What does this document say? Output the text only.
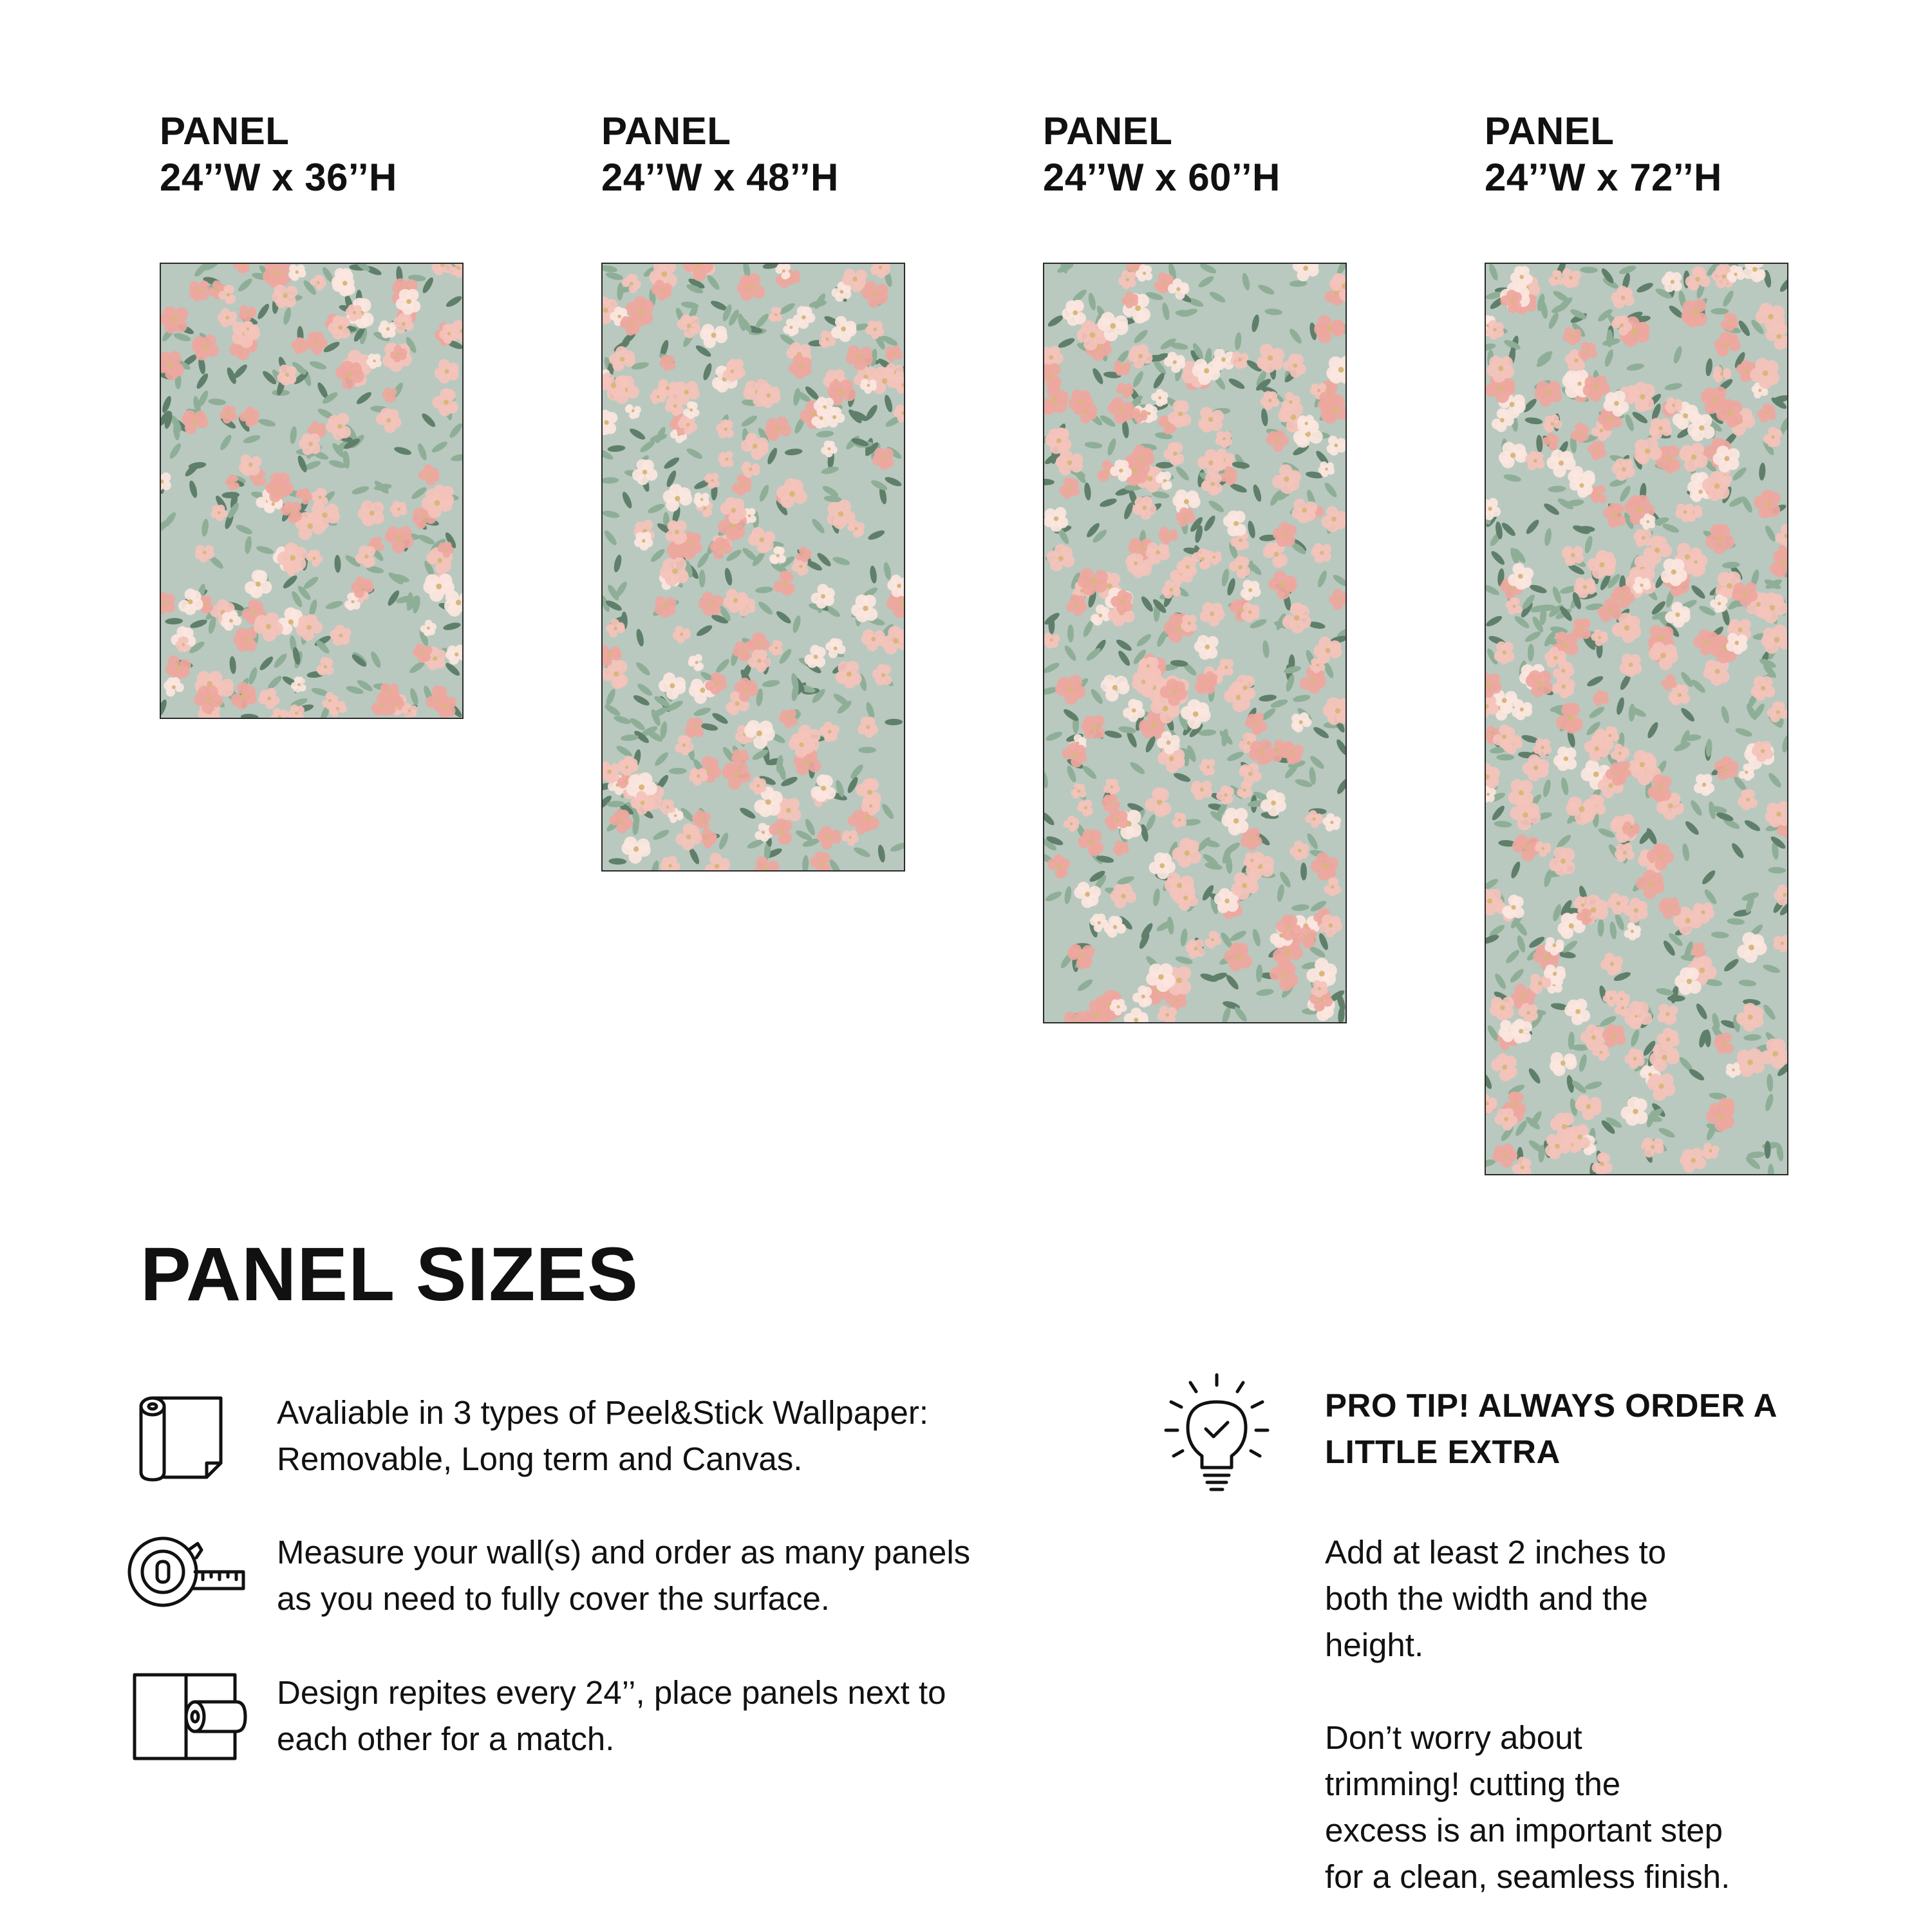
PANEL
24’’W x 36’’H
PANEL
24’’W x 48’’H
PANEL
24’’W x 60’’H
PANEL
24’’W x 72’’H
PANEL SIZES
Avaliable in 3 types of Peel&Stick Wallpaper:
Removable, Long term and Canvas.
Measure your wall(s) and order as many panels
as you need to fully cover the surface.
Design repites every 24’’, place panels next to
each other for a match.
PRO TIP! ALWAYS ORDER A
LITTLE EXTRA
Add at least 2 inches to
both the width and the
height.
Don’t worry about
trimming! cutting the
excess is an important step
for a clean, seamless finish.
